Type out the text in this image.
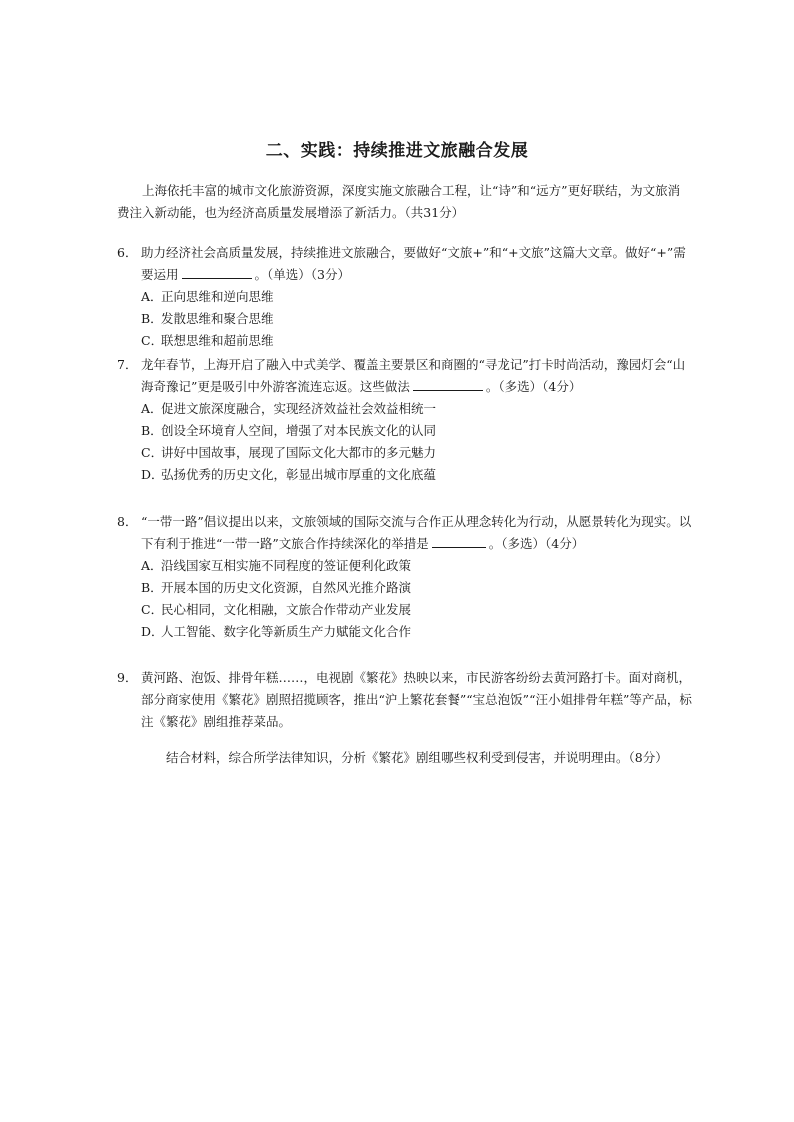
二、实践：持续推进文旅融合发展

上海依托丰富的城市文化旅游资源，深度实施文旅融合工程，让“诗”和“远方”更好联结，为文旅消费注入新动能，也为经济高质量发展增添了新活力。（共31分）

6． 助力经济社会高质量发展，持续推进文旅融合，要做好“文旅+”和“+文旅”这篇大文章。做好“+”需要运用	。（单选）（3分）
A．正向思维和逆向思维
B．发散思维和聚合思维
C．联想思维和超前思维
7． 龙年春节，上海开启了融入中式美学、覆盖主要景区和商圈的“寻龙记”打卡时尚活动，豫园灯会“山海奇豫记”更是吸引中外游客流连忘返。这些做法	。（多选）（4分）
A．促进文旅深度融合，实现经济效益社会效益相统一
B．创设全环境育人空间，增强了对本民族文化的认同
C．讲好中国故事，展现了国际文化大都市的多元魅力
D．弘扬优秀的历史文化，彰显出城市厚重的文化底蕴
8． “一带一路”倡议提出以来，文旅领域的国际交流与合作正从理念转化为行动，从愿景转化为现实。以下有利于推进“一带一路”文旅合作持续深化的举措是	。（多选）（4分）
A．沿线国家互相实施不同程度的签证便利化政策
B．开展本国的历史文化资源，自然风光推介路演
C．民心相同，文化相融，文旅合作带动产业发展
D．人工智能、数字化等新质生产力赋能文化合作
9． 黄河路、泡饭、排骨年糕……，电视剧《繁花》热映以来，市民游客纷纷去黄河路打卡。面对商机，部分商家使用《繁花》剧照招揽顾客，推出“沪上繁花套餐”“宝总泡饭”“汪小姐排骨年糕”等产品，标注《繁花》剧组推荐菜品。
结合材料，综合所学法律知识，分析《繁花》剧组哪些权利受到侵害，并说明理由。（8分）
